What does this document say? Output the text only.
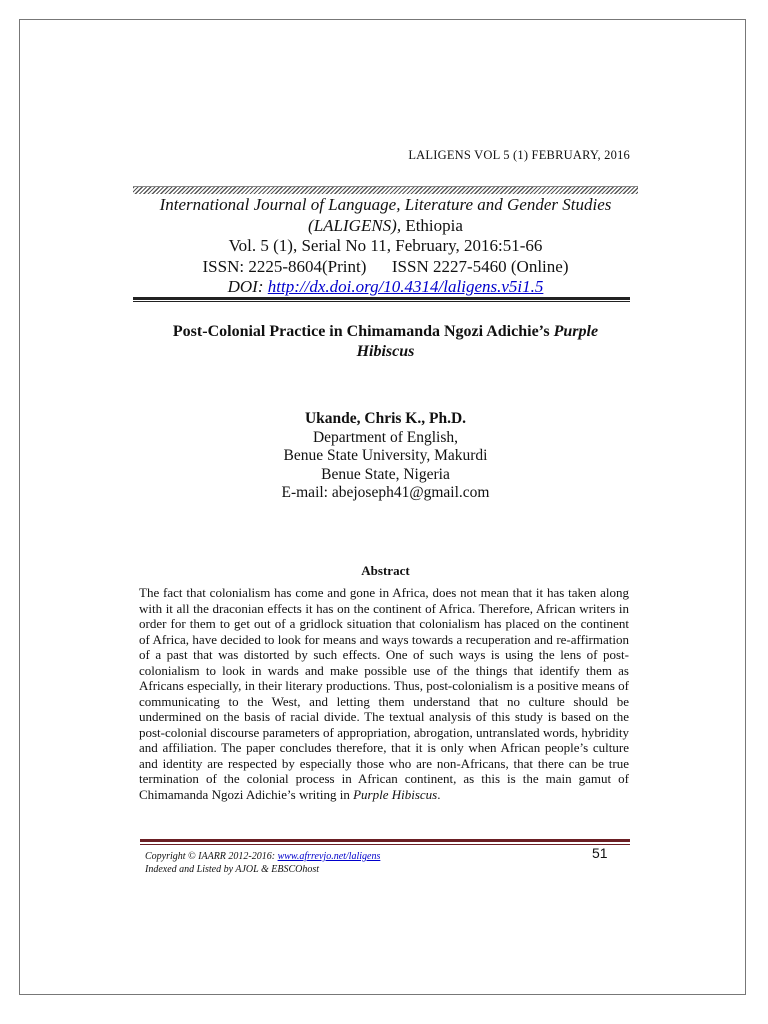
LALIGENS VOL 5 (1) FEBRUARY, 2016
International Journal of Language, Literature and Gender Studies
(LALIGENS), Ethiopia
Vol. 5 (1), Serial No 11, February, 2016:51-66
ISSN: 2225-8604(Print) ISSN 2227-5460 (Online)
DOI: http://dx.doi.org/10.4314/laligens.v5i1.5
Post-Colonial Practice in Chimamanda Ngozi Adichie’s Purple
Hibiscus
Ukande, Chris K., Ph.D.
Department of English,
Benue State University, Makurdi
Benue State, Nigeria
E-mail: abejoseph41@gmail.com
Abstract
The fact that colonialism has come and gone in Africa, does not mean that it has taken along with it all the draconian effects it has on the continent of Africa. Therefore, African writers in order for them to get out of a gridlock situation that colonialism has placed on the continent of Africa, have decided to look for means and ways towards a recuperation and re-affirmation of a past that was distorted by such effects. One of such ways is using the lens of post-colonialism to look in wards and make possible use of the things that identify them as Africans especially, in their literary productions. Thus, post-colonialism is a positive means of communicating to the West, and letting them understand that no culture should be undermined on the basis of racial divide. The textual analysis of this study is based on the post-colonial discourse parameters of appropriation, abrogation, untranslated words, hybridity and affiliation. The paper concludes therefore, that it is only when African people’s culture and identity are respected by especially those who are non-Africans, that there can be true termination of the colonial process in African continent, as this is the main gamut of Chimamanda Ngozi Adichie’s writing in Purple Hibiscus.
Copyright © IAARR 2012-2016: www.afrrevjo.net/laligens
Indexed and Listed by AJOL & EBSCOhost
51
